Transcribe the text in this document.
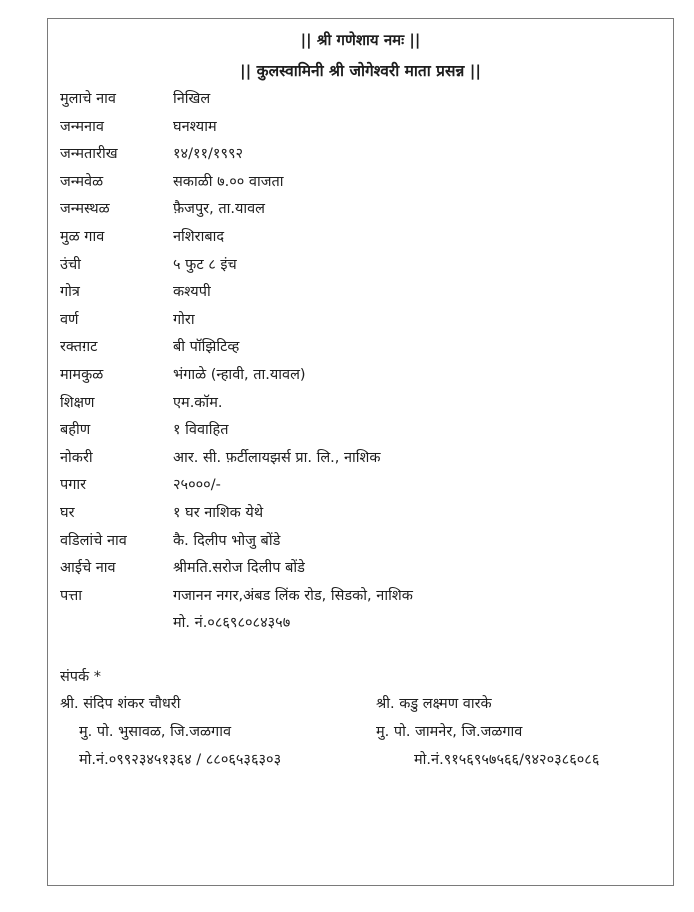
|| श्री गणेशाय नमः ||
|| कुलस्वामिनी श्री जोगेश्वरी माता प्रसन्न ||
मुलाचे नाव	निखिल
जन्मनाव	घनश्याम
जन्मतारीख	१४/११/१९९२
जन्मवेळ	सकाळी ७.०० वाजता
जन्मस्थळ	फ़ैजपुर, ता.यावल
मुळ गाव	नशिराबाद
उंची	५ फुट ८ इंच
गोत्र	कश्यपी
वर्ण	गोरा
रक्तग़ट	बी पॉझिटिव्ह
मामकुळ	भंगाळे (न्हावी, ता.यावल)
शिक्षण	एम.कॉम.
बहीण	१ विवाहित
नोकरी	आर. सी. फ़र्टीलायझर्स प्रा. लि., नाशिक
पगार	२५०००/-
घर	१ घर नाशिक येथे
वडिलांचे नाव	कै. दिलीप भोजु बोंडे
आईचे नाव	श्रीमति.सरोज दिलीप बोंडे
पत्ता	गजानन नगर,अंबड लिंक रोड, सिडको, नाशिक
मो. नं.०८६९८०८४३५७
संपर्क *
श्री. संदिप शंकर चौधरी
मु. पो. भुसावळ, जि.जळगाव
मो.नं.०९९२३४५१३६४ / ८८०६५३६३०३
श्री. कडु लक्ष्मण वारके
मु. पो. जामनेर, जि.जळगाव
मो.नं.९१५६९५७५६६/९४२०३८६०८६
